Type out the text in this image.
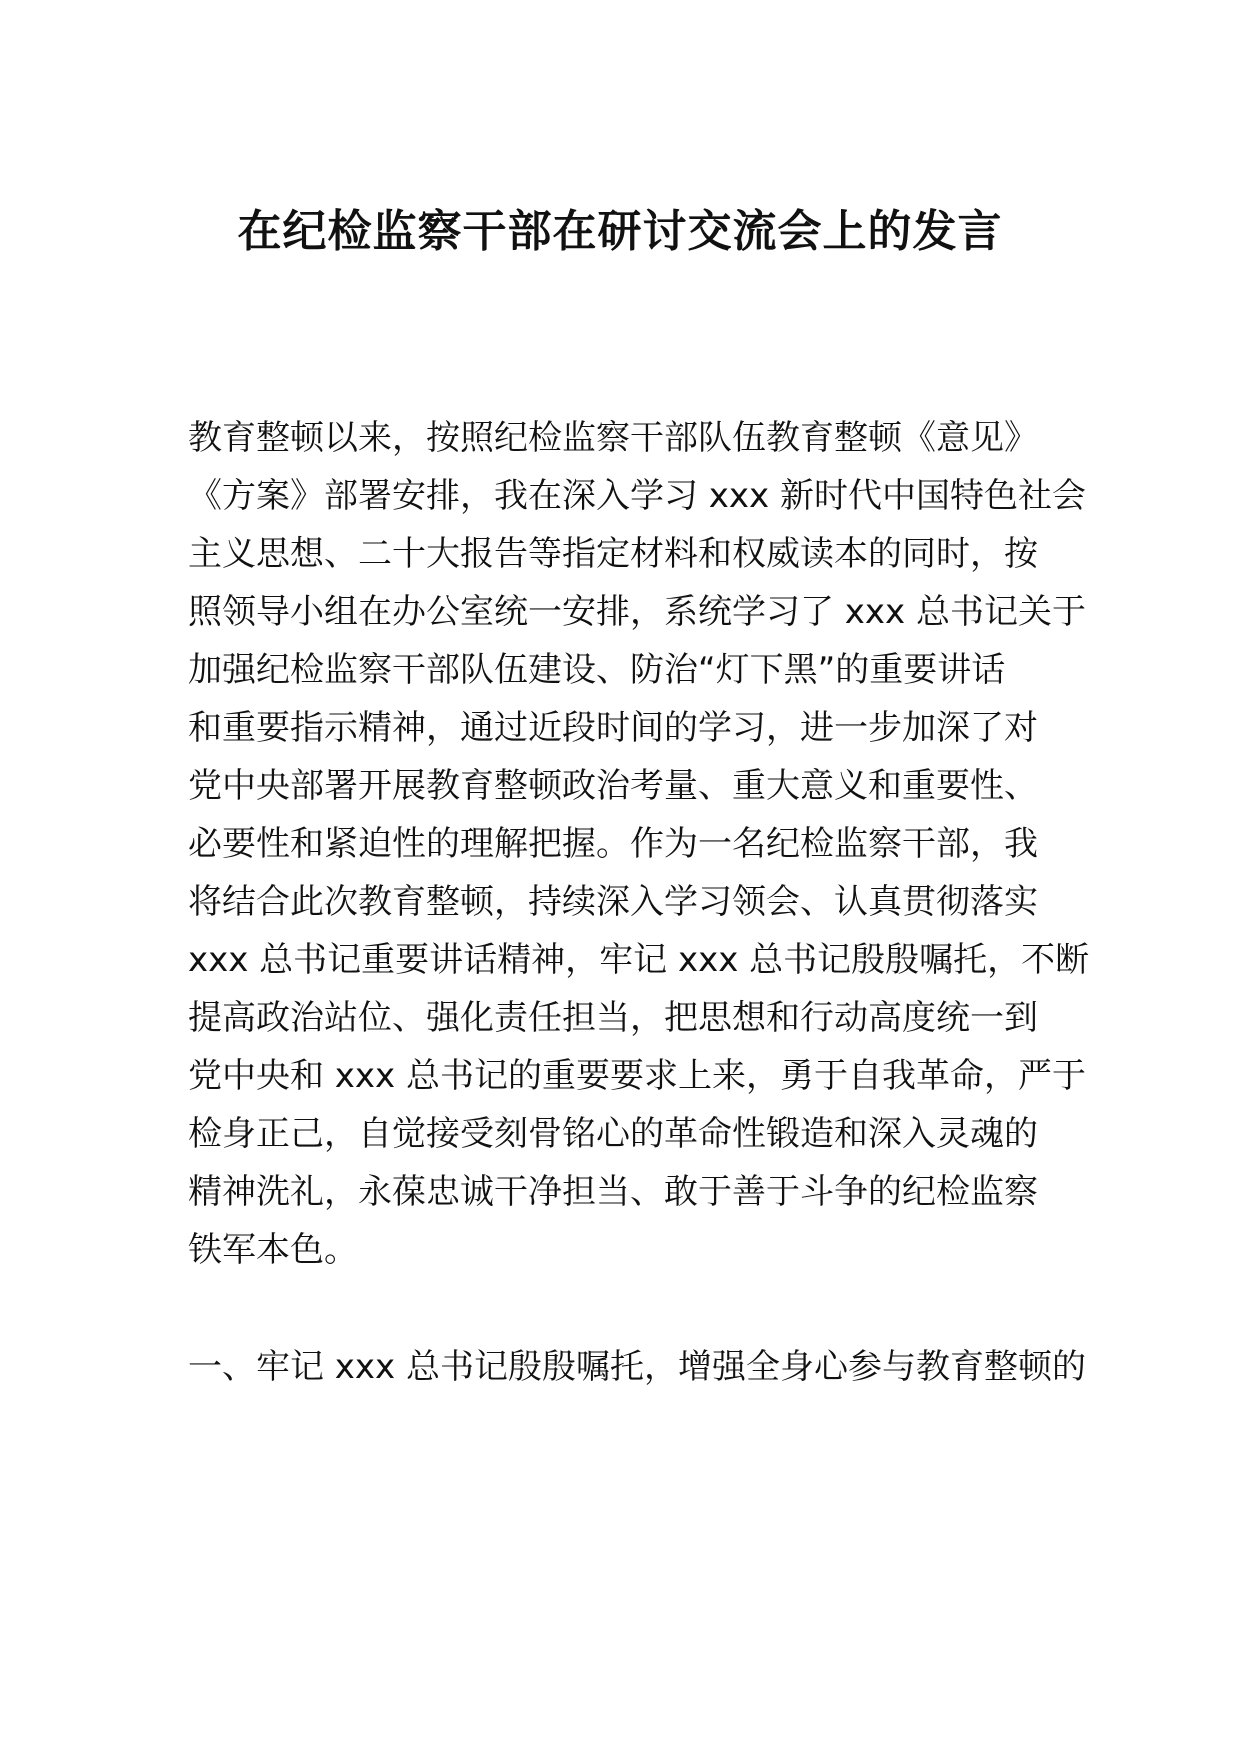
在纪检监察干部在研讨交流会上的发言
教育整顿以来，按照纪检监察干部队伍教育整顿《意见》
《方案》部署安排，我在深入学习 xxx 新时代中国特色社会
主义思想、二十大报告等指定材料和权威读本的同时，按
照领导小组在办公室统一安排，系统学习了 xxx 总书记关于
加强纪检监察干部队伍建设、防治“灯下黑”的重要讲话
和重要指示精神，通过近段时间的学习，进一步加深了对
党中央部署开展教育整顿政治考量、重大意义和重要性、
必要性和紧迫性的理解把握。作为一名纪检监察干部，我
将结合此次教育整顿，持续深入学习领会、认真贯彻落实
xxx 总书记重要讲话精神，牢记 xxx 总书记殷殷嘱托，不断
提高政治站位、强化责任担当，把思想和行动高度统一到
党中央和 xxx 总书记的重要要求上来，勇于自我革命，严于
检身正己，自觉接受刻骨铭心的革命性锻造和深入灵魂的
精神洗礼，永葆忠诚干净担当、敢于善于斗争的纪检监察
铁军本色。
一、牢记 xxx 总书记殷殷嘱托，增强全身心参与教育整顿的
